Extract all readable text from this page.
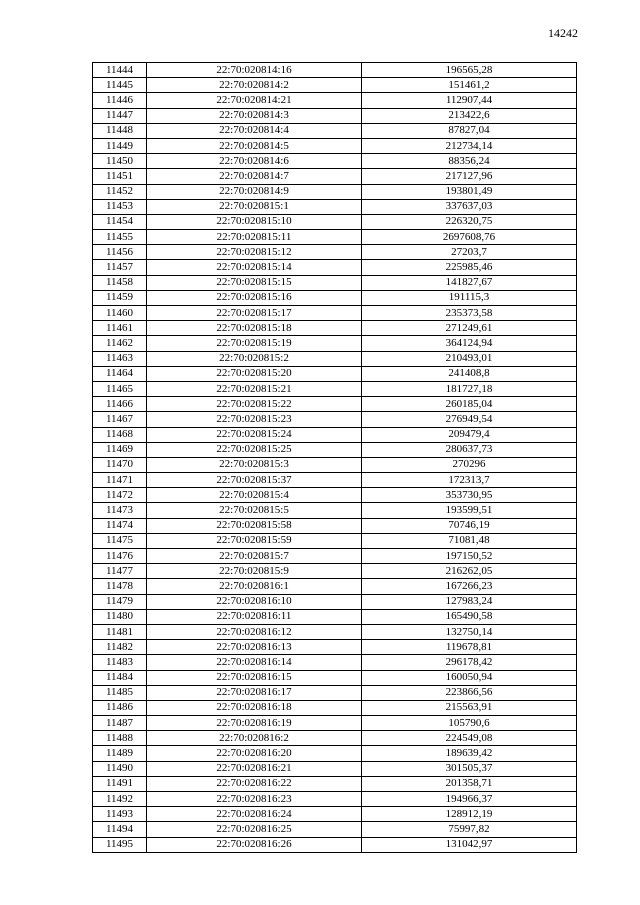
14242
11444	22:70:020814:16	196565,28
11445	22:70:020814:2	151461,2
11446	22:70:020814:21	112907,44
11447	22:70:020814:3	213422,6
11448	22:70:020814:4	87827,04
11449	22:70:020814:5	212734,14
11450	22:70:020814:6	88356,24
11451	22:70:020814:7	217127,96
11452	22:70:020814:9	193801,49
11453	22:70:020815:1	337637,03
11454	22:70:020815:10	226320,75
11455	22:70:020815:11	2697608,76
11456	22:70:020815:12	27203,7
11457	22:70:020815:14	225985,46
11458	22:70:020815:15	141827,67
11459	22:70:020815:16	191115,3
11460	22:70:020815:17	235373,58
11461	22:70:020815:18	271249,61
11462	22:70:020815:19	364124,94
11463	22:70:020815:2	210493,01
11464	22:70:020815:20	241408,8
11465	22:70:020815:21	181727,18
11466	22:70:020815:22	260185,04
11467	22:70:020815:23	276949,54
11468	22:70:020815:24	209479,4
11469	22:70:020815:25	280637,73
11470	22:70:020815:3	270296
11471	22:70:020815:37	172313,7
11472	22:70:020815:4	353730,95
11473	22:70:020815:5	193599,51
11474	22:70:020815:58	70746,19
11475	22:70:020815:59	71081,48
11476	22:70:020815:7	197150,52
11477	22:70:020815:9	216262,05
11478	22:70:020816:1	167266,23
11479	22:70:020816:10	127983,24
11480	22:70:020816:11	165490,58
11481	22:70:020816:12	132750,14
11482	22:70:020816:13	119678,81
11483	22:70:020816:14	296178,42
11484	22:70:020816:15	160050,94
11485	22:70:020816:17	223866,56
11486	22:70:020816:18	215563,91
11487	22:70:020816:19	105790,6
11488	22:70:020816:2	224549,08
11489	22:70:020816:20	189639,42
11490	22:70:020816:21	301505,37
11491	22:70:020816:22	201358,71
11492	22:70:020816:23	194966,37
11493	22:70:020816:24	128912,19
11494	22:70:020816:25	75997,82
11495	22:70:020816:26	131042,97
